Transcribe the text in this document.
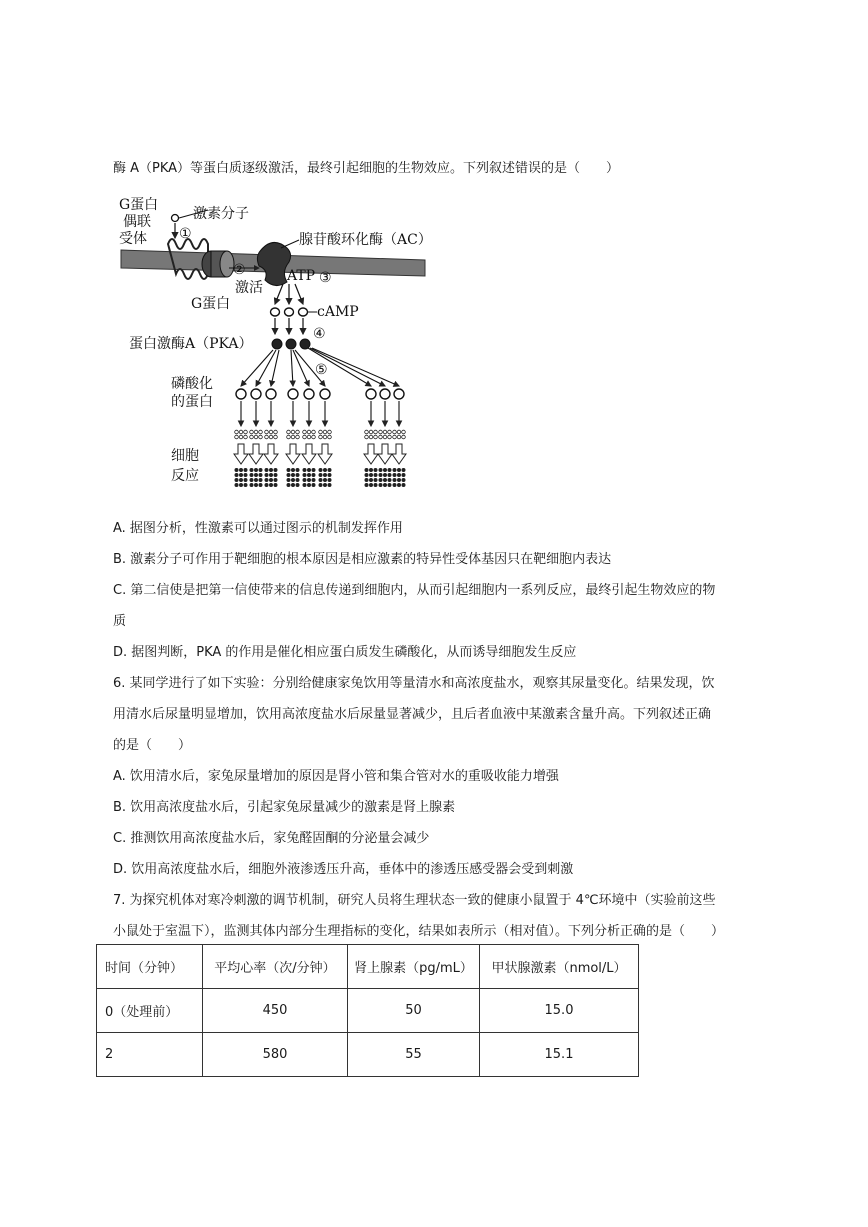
酶 A（PKA）等蛋白质逐级激活，最终引起细胞的生物效应。下列叙述错误的是（　　）
G蛋白
偶联
受体
激素分子
①	腺苷酸环化酶（AC）
②
激活
G蛋白
ATP ③
cAMP
④
蛋白激酶A（PKA）
⑤
磷酸化
的蛋白
细胞
反应
A. 据图分析，性激素可以通过图示的机制发挥作用
B. 激素分子可作用于靶细胞的根本原因是相应激素的特异性受体基因只在靶细胞内表达
C. 第二信使是把第一信使带来的信息传递到细胞内，从而引起细胞内一系列反应，最终引起生物效应的物
质
D. 据图判断，PKA 的作用是催化相应蛋白质发生磷酸化，从而诱导细胞发生反应
6. 某同学进行了如下实验：分别给健康家兔饮用等量清水和高浓度盐水，观察其尿量变化。结果发现，饮
用清水后尿量明显增加，饮用高浓度盐水后尿量显著减少，且后者血液中某激素含量升高。下列叙述正确
的是（　　）
A. 饮用清水后，家兔尿量增加的原因是肾小管和集合管对水的重吸收能力增强
B. 饮用高浓度盐水后，引起家兔尿量减少的激素是肾上腺素
C. 推测饮用高浓度盐水后，家兔醛固酮的分泌量会减少
D. 饮用高浓度盐水后，细胞外液渗透压升高，垂体中的渗透压感受器会受到刺激
7. 为探究机体对寒冷刺激的调节机制，研究人员将生理状态一致的健康小鼠置于 4℃环境中（实验前这些
小鼠处于室温下），监测其体内部分生理指标的变化，结果如表所示（相对值）。下列分析正确的是（　　）
时间（分钟）	平均心率（次/分钟）	肾上腺素（pg/mL）	甲状腺激素（nmol/L）
0（处理前）	450	50	15.0
2	580	55	15.1
